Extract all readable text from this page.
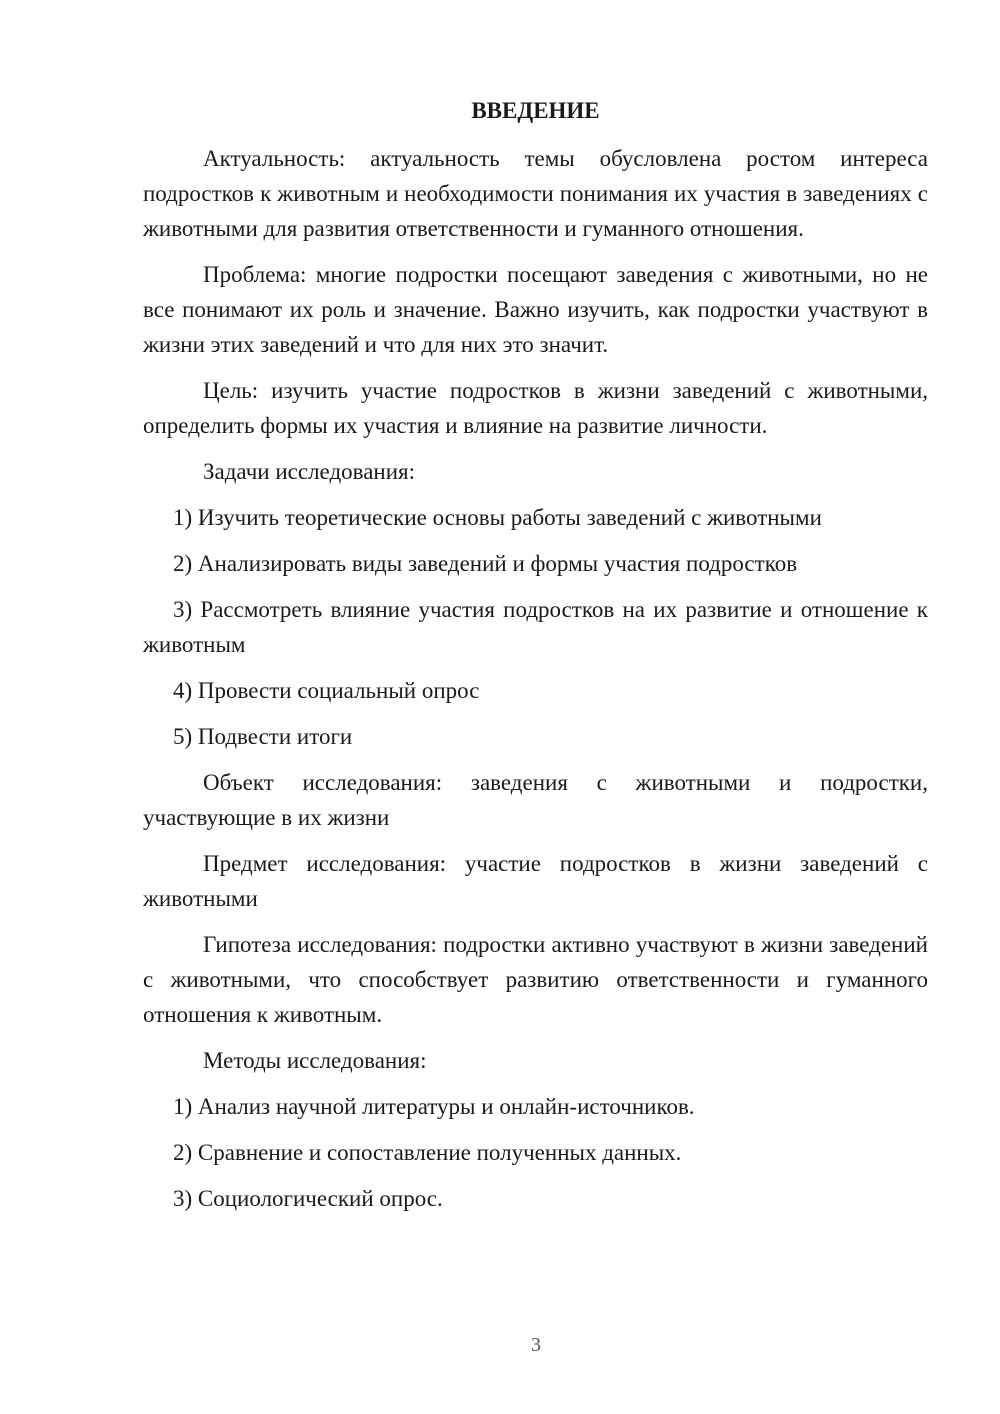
ВВЕДЕНИЕ

Актуальность: актуальность темы обусловлена ростом интереса подростков к животным и необходимости понимания их участия в заведениях с животными для развития ответственности и гуманного отношения.

Проблема: многие подростки посещают заведения с животными, но не все понимают их роль и значение. Важно изучить, как подростки участвуют в жизни этих заведений и что для них это значит.

Цель: изучить участие подростков в жизни заведений с животными, определить формы их участия и влияние на развитие личности.

Задачи исследования:

1) Изучить теоретические основы работы заведений с животными

2) Анализировать виды заведений и формы участия подростков

3) Рассмотреть влияние участия подростков на их развитие и отношение к животным

4) Провести социальный опрос

5) Подвести итоги

Объект исследования: заведения с животными и подростки, участвующие в их жизни

Предмет исследования: участие подростков в жизни заведений с животными

Гипотеза исследования: подростки активно участвуют в жизни заведений с животными, что способствует развитию ответственности и гуманного отношения к животным.

Методы исследования:

1) Анализ научной литературы и онлайн-источников.

2) Сравнение и сопоставление полученных данных.

3) Социологический опрос.

3
